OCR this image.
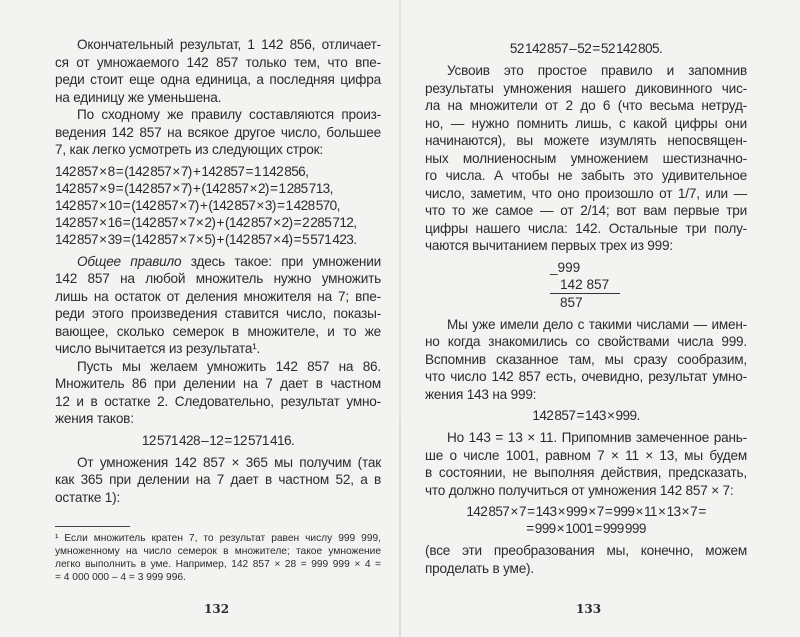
Окончательный результат, 1 142 856, отличает-
ся от умножаемого 142 857 только тем, что впе-
реди стоит еще одна единица, а последняя цифра
на единицу же уменьшена.
По сходному же правилу составляются произ-
ведения 142 857 на всякое другое число, большее
7, как легко усмотреть из следующих строк:
142 857 × 8 = (142 857 × 7) + 142 857 = 1 142 856,
142 857 × 9 = (142 857 × 7) + (142 857 × 2) = 1 285 713,
142 857 × 10 = (142 857 × 7) + (142 857 × 3) = 1 428 570,
142 857 × 16 = (142 857 × 7 × 2) + (142 857 × 2) = 2 285 712,
142 857 × 39 = (142 857 × 7 × 5) + (142 857 × 4) = 5 571 423.
Общее правило здесь такое: при умножении
142 857 на любой множитель нужно умножить
лишь на остаток от деления множителя на 7; впе-
реди этого произведения ставится число, показы-
вающее, сколько семерок в множителе, и то же
число вычитается из результата¹.
Пусть мы желаем умножить 142 857 на 86.
Множитель 86 при делении на 7 дает в частном
12 и в остатке 2. Следовательно, результат умно-
жения таков:
12 571 428 – 12 = 12 571 416.
От умножения 142 857 × 365 мы получим (так
как 365 при делении на 7 дает в частном 52, а в
остатке 1):
52 142 857 – 52 = 52 142 805.
Усвоив это простое правило и запомнив
результаты умножения нашего диковинного чис-
ла на множители от 2 до 6 (что весьма нетруд-
но, — нужно помнить лишь, с какой цифры они
начинаются), вы можете изумлять непосвящен-
ных молниеносным умножением шестизначно-
го числа. А чтобы не забыть это удивительное
число, заметим, что оно произошло от 1/7, или —
что то же самое — от 2/14; вот вам первые три
цифры нашего числа: 142. Остальные три полу-
чаются вычитанием первых трех из 999:
_999
142 857
857
Мы уже имели дело с такими числами — имен-
но когда знакомились со свойствами числа 999.
Вспомнив сказанное там, мы сразу сообразим,
что число 142 857 есть, очевидно, результат умно-
жения 143 на 999:
142 857 = 143 × 999.
Но 143 = 13 × 11. Припомнив замеченное рань-
ше о числе 1001, равном 7 × 11 × 13, мы будем
в состоянии, не выполняя действия, предсказать,
что должно получиться от умножения 142 857 × 7:
142 857 × 7 = 143 × 999 × 7 = 999 × 11 × 13 × 7 =
= 999 × 1001 = 999 999
(все эти преобразования мы, конечно, можем
проделать в уме).
¹ Если множитель кратен 7, то результат равен числу 999 999,
умноженному на число семерок в множителе; такое умножение
легко выполнить в уме. Например, 142 857 × 28 = 999 999 × 4 =
= 4 000 000 – 4 = 3 999 996.
132	133
